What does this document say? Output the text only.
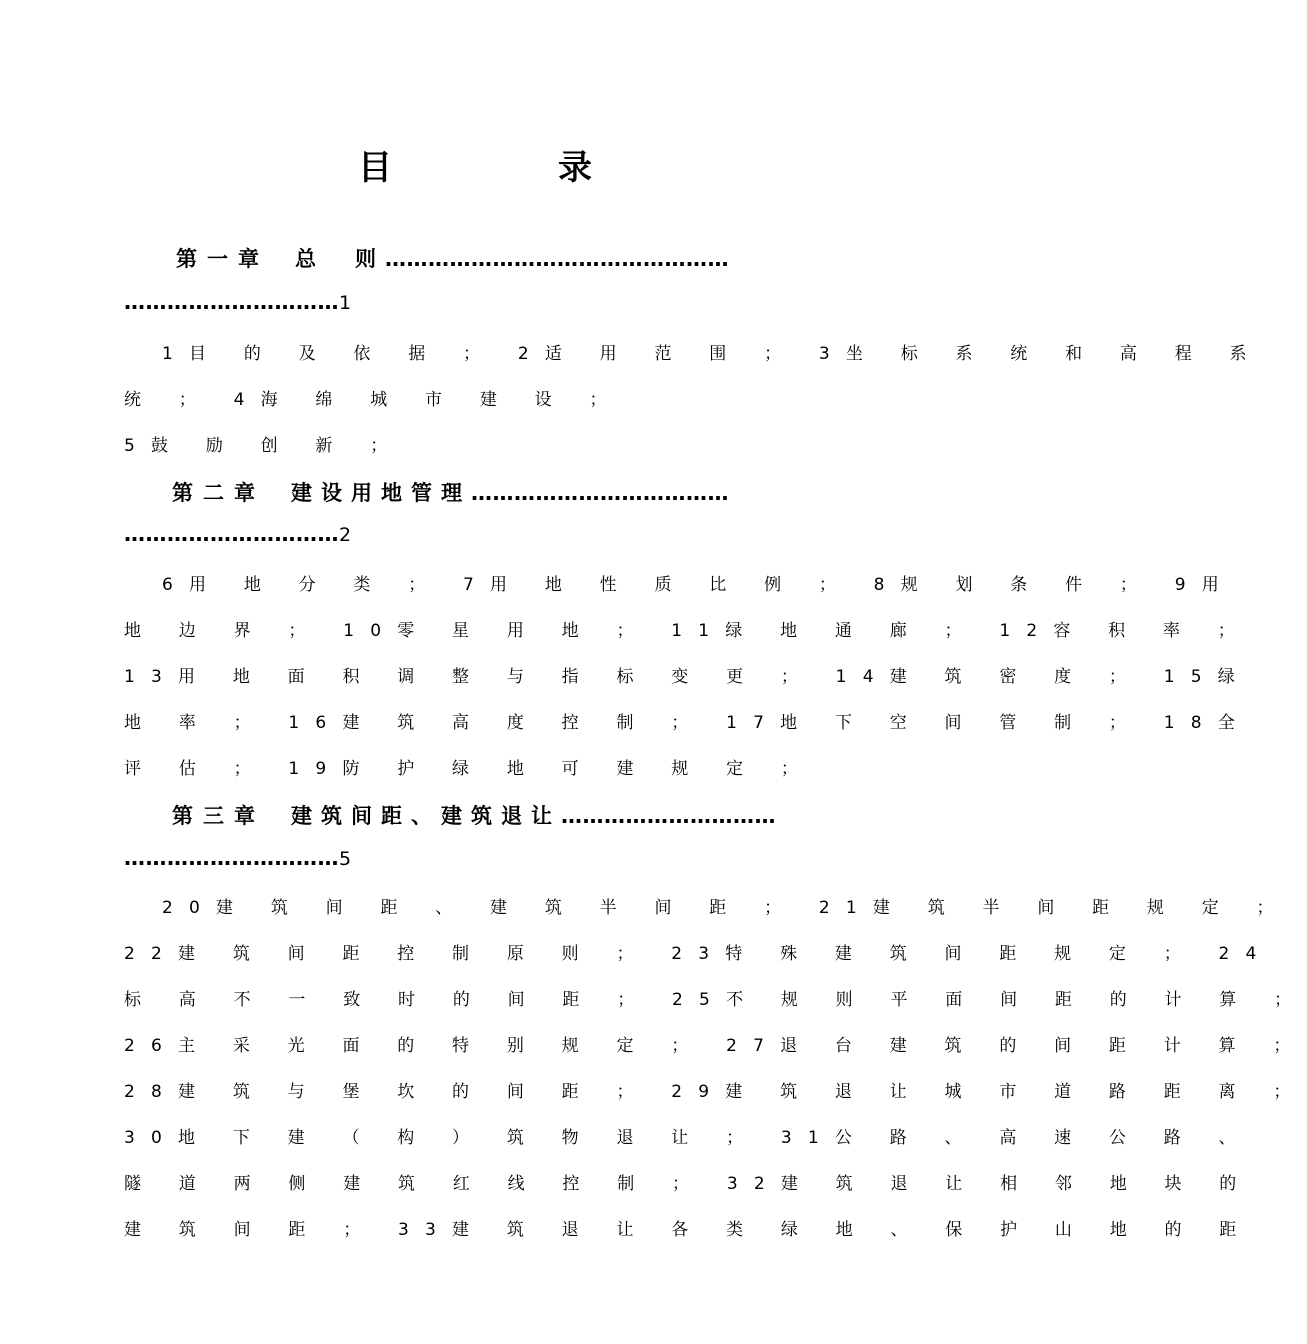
目　录
第一章 总　则…………………………………………
…………………………1
1目 的 及 依 据 ； 2适 用 范 围 ； 3坐 标 系 统 和 高 程 系
统 ； 4海 绵 城 市 建 设 ；
5鼓 励 创 新 ；
第二章 建设用地管理………………………………
…………………………2
6用 地 分 类 ； 7用 地 性 质 比 例 ； 8规 划 条 件 ； 9用
地 边 界 ； 10零 星 用 地 ； 11绿 地 通 廊 ； 12容 积 率 ；
13用 地 面 积 调 整 与 指 标 变 更 ； 14建 筑 密 度 ； 15绿
地 率 ； 16建 筑 高 度 控 制 ； 17地 下 空 间 管 制 ； 18全
评 估 ； 19防 护 绿 地 可 建 规 定 ；
第三章 建筑间距、建筑退让…………………………
…………………………5
20建 筑 间 距 、 建 筑 半 间 距 ； 21建 筑 半 间 距 规 定 ；
22建 筑 间 距 控 制 原 则 ； 23特 殊 建 筑 间 距 规 定 ； 24
标 高 不 一 致 时 的 间 距 ； 25不 规 则 平 面 间 距 的 计 算 ；
26主 采 光 面 的 特 别 规 定 ； 27退 台 建 筑 的 间 距 计 算 ；
28建 筑 与 堡 坎 的 间 距 ； 29建 筑 退 让 城 市 道 路 距 离 ；
30地 下 建 （ 构 ） 筑 物 退 让 ； 31公 路 、 高 速 公 路 、
隧 道 两 侧 建 筑 红 线 控 制 ； 32建 筑 退 让 相 邻 地 块 的
建 筑 间 距 ； 33建 筑 退 让 各 类 绿 地 、 保 护 山 地 的 距
